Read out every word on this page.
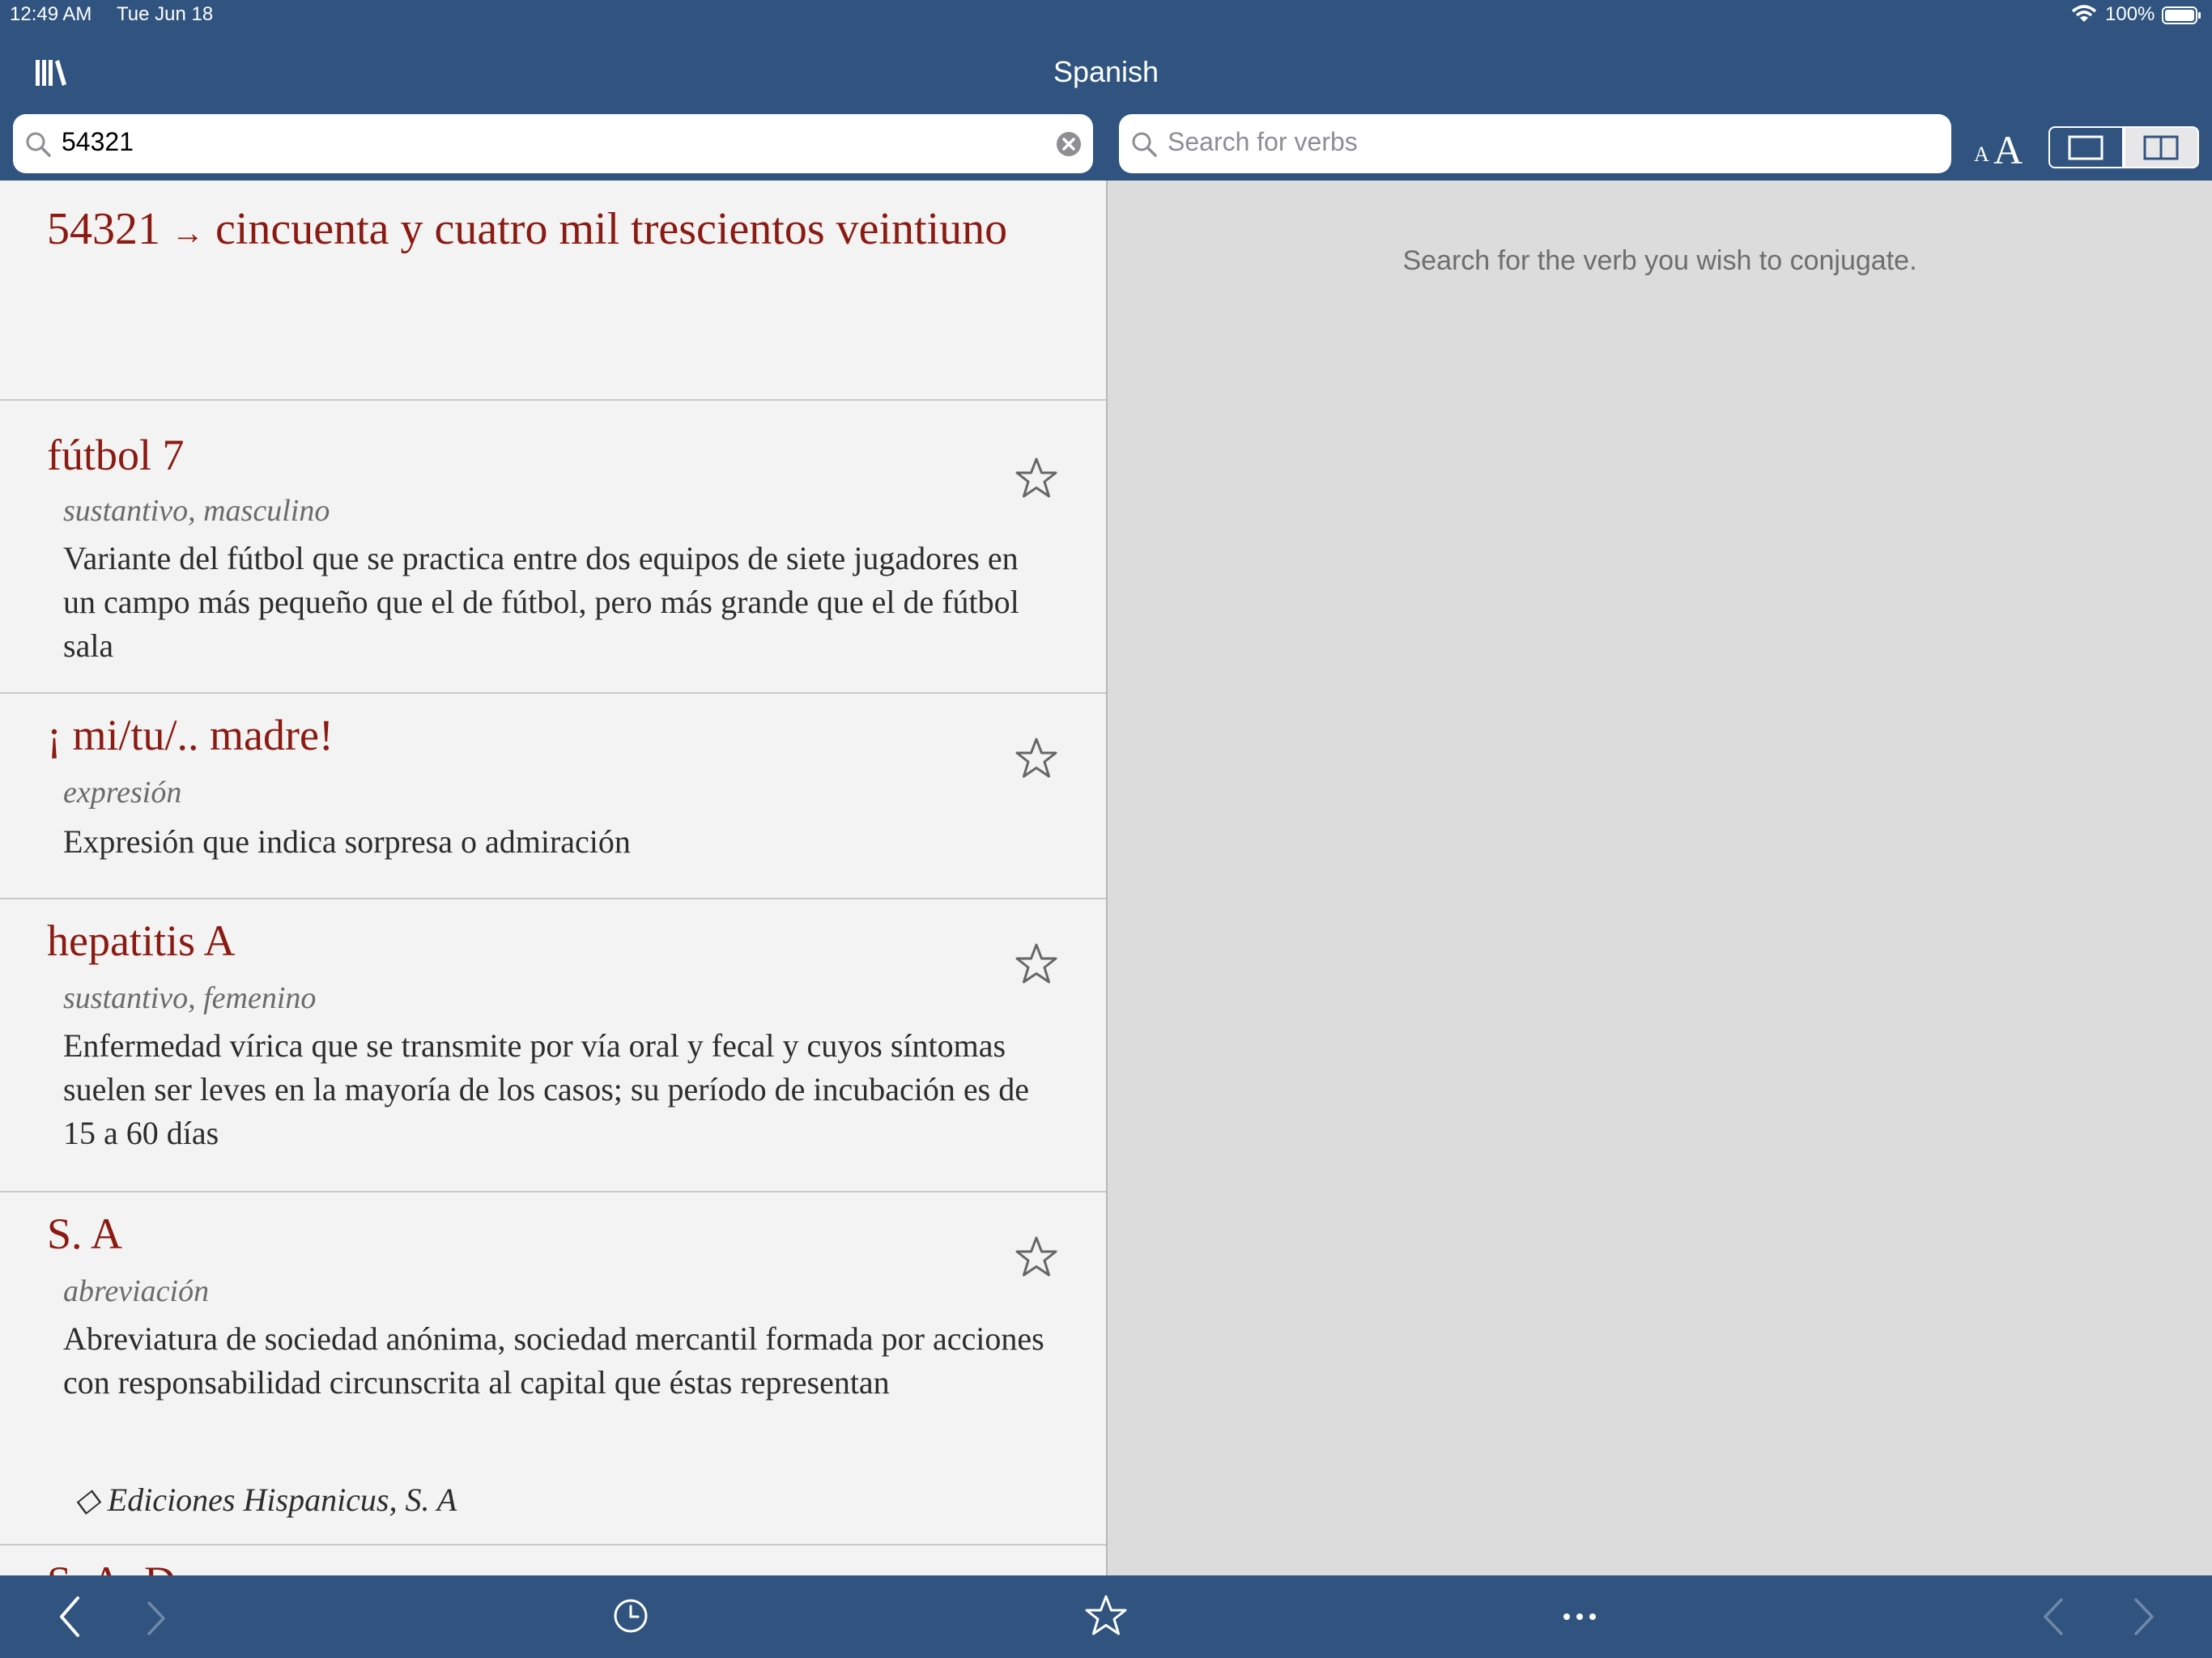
12:49 AM Tue Jun 18	100%
Spanish
54321	Search for verbs	A A
54321 → cincuenta y cuatro mil trescientos veintiuno
fútbol 7
sustantivo, masculino
Variante del fútbol que se practica entre dos equipos de siete jugadores en un campo más pequeño que el de fútbol, pero más grande que el de fútbol sala
¡ mi/tu/.. madre!
expresión
Expresión que indica sorpresa o admiración
hepatitis A
sustantivo, femenino
Enfermedad vírica que se transmite por vía oral y fecal y cuyos síntomas suelen ser leves en la mayoría de los casos; su período de incubación es de 15 a 60 días
S. A
abreviación
Abreviatura de sociedad anónima, sociedad mercantil formada por acciones con responsabilidad circunscrita al capital que éstas representan
◇ Ediciones Hispanicus, S. A
Search for the verb you wish to conjugate.
